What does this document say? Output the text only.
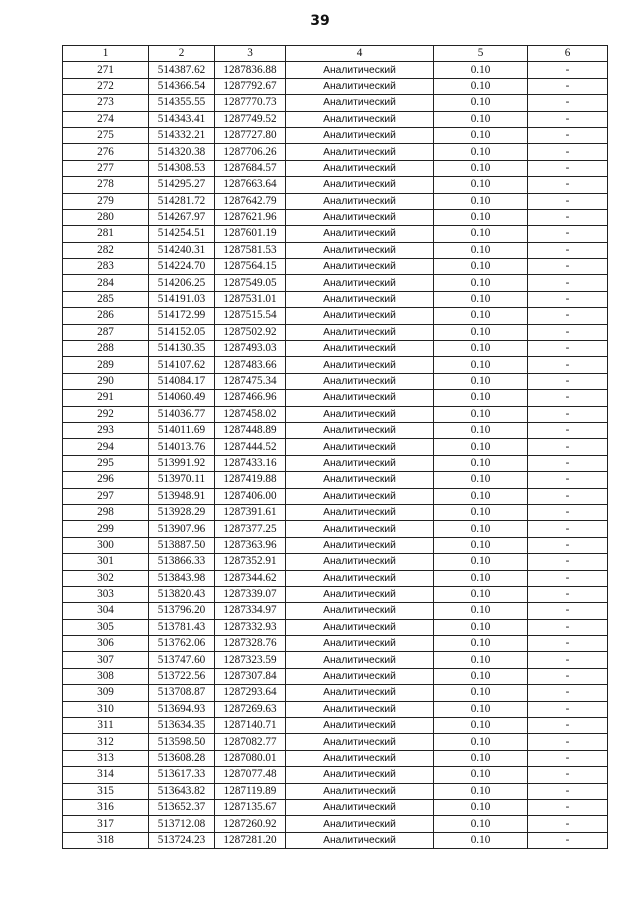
39
1	2	3	4	5	6
271	514387.62	1287836.88	Аналитический	0.10	-
272	514366.54	1287792.67	Аналитический	0.10	-
273	514355.55	1287770.73	Аналитический	0.10	-
274	514343.41	1287749.52	Аналитический	0.10	-
275	514332.21	1287727.80	Аналитический	0.10	-
276	514320.38	1287706.26	Аналитический	0.10	-
277	514308.53	1287684.57	Аналитический	0.10	-
278	514295.27	1287663.64	Аналитический	0.10	-
279	514281.72	1287642.79	Аналитический	0.10	-
280	514267.97	1287621.96	Аналитический	0.10	-
281	514254.51	1287601.19	Аналитический	0.10	-
282	514240.31	1287581.53	Аналитический	0.10	-
283	514224.70	1287564.15	Аналитический	0.10	-
284	514206.25	1287549.05	Аналитический	0.10	-
285	514191.03	1287531.01	Аналитический	0.10	-
286	514172.99	1287515.54	Аналитический	0.10	-
287	514152.05	1287502.92	Аналитический	0.10	-
288	514130.35	1287493.03	Аналитический	0.10	-
289	514107.62	1287483.66	Аналитический	0.10	-
290	514084.17	1287475.34	Аналитический	0.10	-
291	514060.49	1287466.96	Аналитический	0.10	-
292	514036.77	1287458.02	Аналитический	0.10	-
293	514011.69	1287448.89	Аналитический	0.10	-
294	514013.76	1287444.52	Аналитический	0.10	-
295	513991.92	1287433.16	Аналитический	0.10	-
296	513970.11	1287419.88	Аналитический	0.10	-
297	513948.91	1287406.00	Аналитический	0.10	-
298	513928.29	1287391.61	Аналитический	0.10	-
299	513907.96	1287377.25	Аналитический	0.10	-
300	513887.50	1287363.96	Аналитический	0.10	-
301	513866.33	1287352.91	Аналитический	0.10	-
302	513843.98	1287344.62	Аналитический	0.10	-
303	513820.43	1287339.07	Аналитический	0.10	-
304	513796.20	1287334.97	Аналитический	0.10	-
305	513781.43	1287332.93	Аналитический	0.10	-
306	513762.06	1287328.76	Аналитический	0.10	-
307	513747.60	1287323.59	Аналитический	0.10	-
308	513722.56	1287307.84	Аналитический	0.10	-
309	513708.87	1287293.64	Аналитический	0.10	-
310	513694.93	1287269.63	Аналитический	0.10	-
311	513634.35	1287140.71	Аналитический	0.10	-
312	513598.50	1287082.77	Аналитический	0.10	-
313	513608.28	1287080.01	Аналитический	0.10	-
314	513617.33	1287077.48	Аналитический	0.10	-
315	513643.82	1287119.89	Аналитический	0.10	-
316	513652.37	1287135.67	Аналитический	0.10	-
317	513712.08	1287260.92	Аналитический	0.10	-
318	513724.23	1287281.20	Аналитический	0.10	-
